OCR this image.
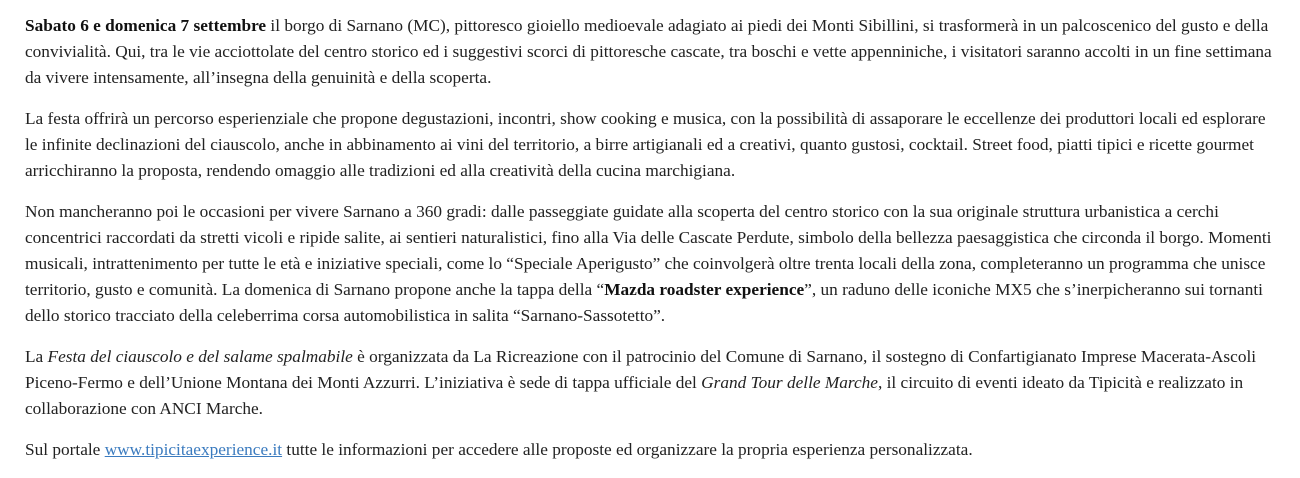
Sabato 6 e domenica 7 settembre il borgo di Sarnano (MC), pittoresco gioiello medioevale adagiato ai piedi dei Monti Sibillini, si trasformerà in un palcoscenico del gusto e della convivialità. Qui, tra le vie acciottolate del centro storico ed i suggestivi scorci di pittoresche cascate, tra boschi e vette appenniniche, i visitatori saranno accolti in un fine settimana da vivere intensamente, all’insegna della genuinità e della scoperta.

La festa offrirà un percorso esperienziale che propone degustazioni, incontri, show cooking e musica, con la possibilità di assaporare le eccellenze dei produttori locali ed esplorare le infinite declinazioni del ciauscolo, anche in abbinamento ai vini del territorio, a birre artigianali ed a creativi, quanto gustosi, cocktail. Street food, piatti tipici e ricette gourmet arricchiranno la proposta, rendendo omaggio alle tradizioni ed alla creatività della cucina marchigiana.

Non mancheranno poi le occasioni per vivere Sarnano a 360 gradi: dalle passeggiate guidate alla scoperta del centro storico con la sua originale struttura urbanistica a cerchi concentrici raccordati da stretti vicoli e ripide salite, ai sentieri naturalistici, fino alla Via delle Cascate Perdute, simbolo della bellezza paesaggistica che circonda il borgo. Momenti musicali, intrattenimento per tutte le età e iniziative speciali, come lo “Speciale Aperigusto” che coinvolgerà oltre trenta locali della zona, completeranno un programma che unisce territorio, gusto e comunità. La domenica di Sarnano propone anche la tappa della “Mazda roadster experience”, un raduno delle iconiche MX5 che s’inerpicheranno sui tornanti dello storico tracciato della celeberrima corsa automobilistica in salita “Sarnano-Sassotetto”.

La Festa del ciauscolo e del salame spalmabile è organizzata da La Ricreazione con il patrocinio del Comune di Sarnano, il sostegno di Confartigianato Imprese Macerata-Ascoli Piceno-Fermo e dell’Unione Montana dei Monti Azzurri. L’iniziativa è sede di tappa ufficiale del Grand Tour delle Marche, il circuito di eventi ideato da Tipicità e realizzato in collaborazione con ANCI Marche.

Sul portale www.tipicitaexperience.it tutte le informazioni per accedere alle proposte ed organizzare la propria esperienza personalizzata.
